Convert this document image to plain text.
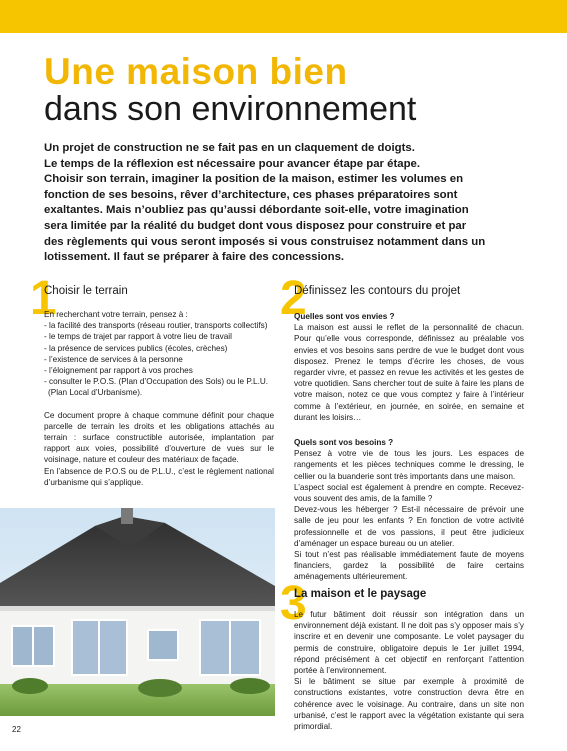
Une maison bien
dans son environnement

Un projet de construction ne se fait pas en un claquement de doigts.

Le temps de la réflexion est nécessaire pour avancer étape par étape.

Choisir son terrain, imaginer la position de la maison, estimer les volumes en

fonction de ses besoins, rêver d’architecture, ces phases préparatoires sont

exaltantes. Mais n’oubliez pas qu’aussi débordante soit-elle, votre imagination

sera limitée par la réalité du budget dont vous disposez pour construire et par

des règlements qui vous seront imposés si vous construisez notamment dans un

lotissement. Il faut se préparer à faire des concessions.

1
Choisir le terrain

En recherchant votre terrain, pensez à :

- la facilité des transports (réseau routier, transports collectifs)

- le temps de trajet par rapport à votre lieu de travail

- la présence de services publics (écoles, crèches)

- l’existence de services à la personne

- l’éloignement par rapport à vos proches

- consulter le P.O.S. (Plan d’Occupation des Sols) ou le P.L.U.

(Plan Local d’Urbanisme).

Ce document propre à chaque commune définit pour chaque parcelle de terrain les droits et les obligations attachés au terrain : surface constructible autorisée, implantation par rapport aux voies, possibilité d’ouverture de vues sur le voisinage, nature et couleur des matériaux de façade.

En l’absence de P.O.S ou de P.L.U., c’est le règlement national d’urbanisme qui s’applique.

2
Définissez les contours du projet

Quelles sont vos envies ?

La maison est aussi le reflet de la personnalité de chacun. Pour qu’elle vous corresponde, définissez au préalable vos envies et vos besoins sans perdre de vue le budget dont vous disposez. Prenez le temps d’écrire les choses, de vous regarder vivre, et passez en revue les activités et les gestes de votre quotidien. Sans chercher tout de suite à faire les plans de votre maison, notez ce que vous comptez y faire à l’intérieur comme à l’extérieur, en journée, en soirée, en semaine et durant les loisirs…

Quels sont vos besoins ?

Pensez à votre vie de tous les jours. Les espaces de rangements et les pièces techniques comme le dressing, le cellier ou la buanderie sont très importants dans une maison.

L’aspect social est également à prendre en compte. Recevez-vous souvent des amis, de la famille ?

Devez-vous les héberger ? Est-il nécessaire de prévoir une salle de jeu pour les enfants ? En fonction de votre activité professionnelle et de vos passions, il peut être judicieux d’aménager un espace bureau ou un atelier.

Si tout n’est pas réalisable immédiatement faute de moyens financiers, gardez la possibilité de faire certains aménagements ultérieurement.

3
La maison et le paysage

Le futur bâtiment doit réussir son intégration dans un environnement déjà existant. Il ne doit pas s’y opposer mais s’y inscrire et en devenir une composante. Le volet paysager du permis de construire, obligatoire depuis le 1er juillet 1994, répond précisément à cet objectif en renforçant l’attention portée à l’environnement.

Si le bâtiment se situe par exemple à proximité de constructions existantes, votre construction devra être en cohérence avec le voisinage. Au contraire, dans un site non urbanisé, c’est le rapport avec la végétation existante qui sera primordial.

22
